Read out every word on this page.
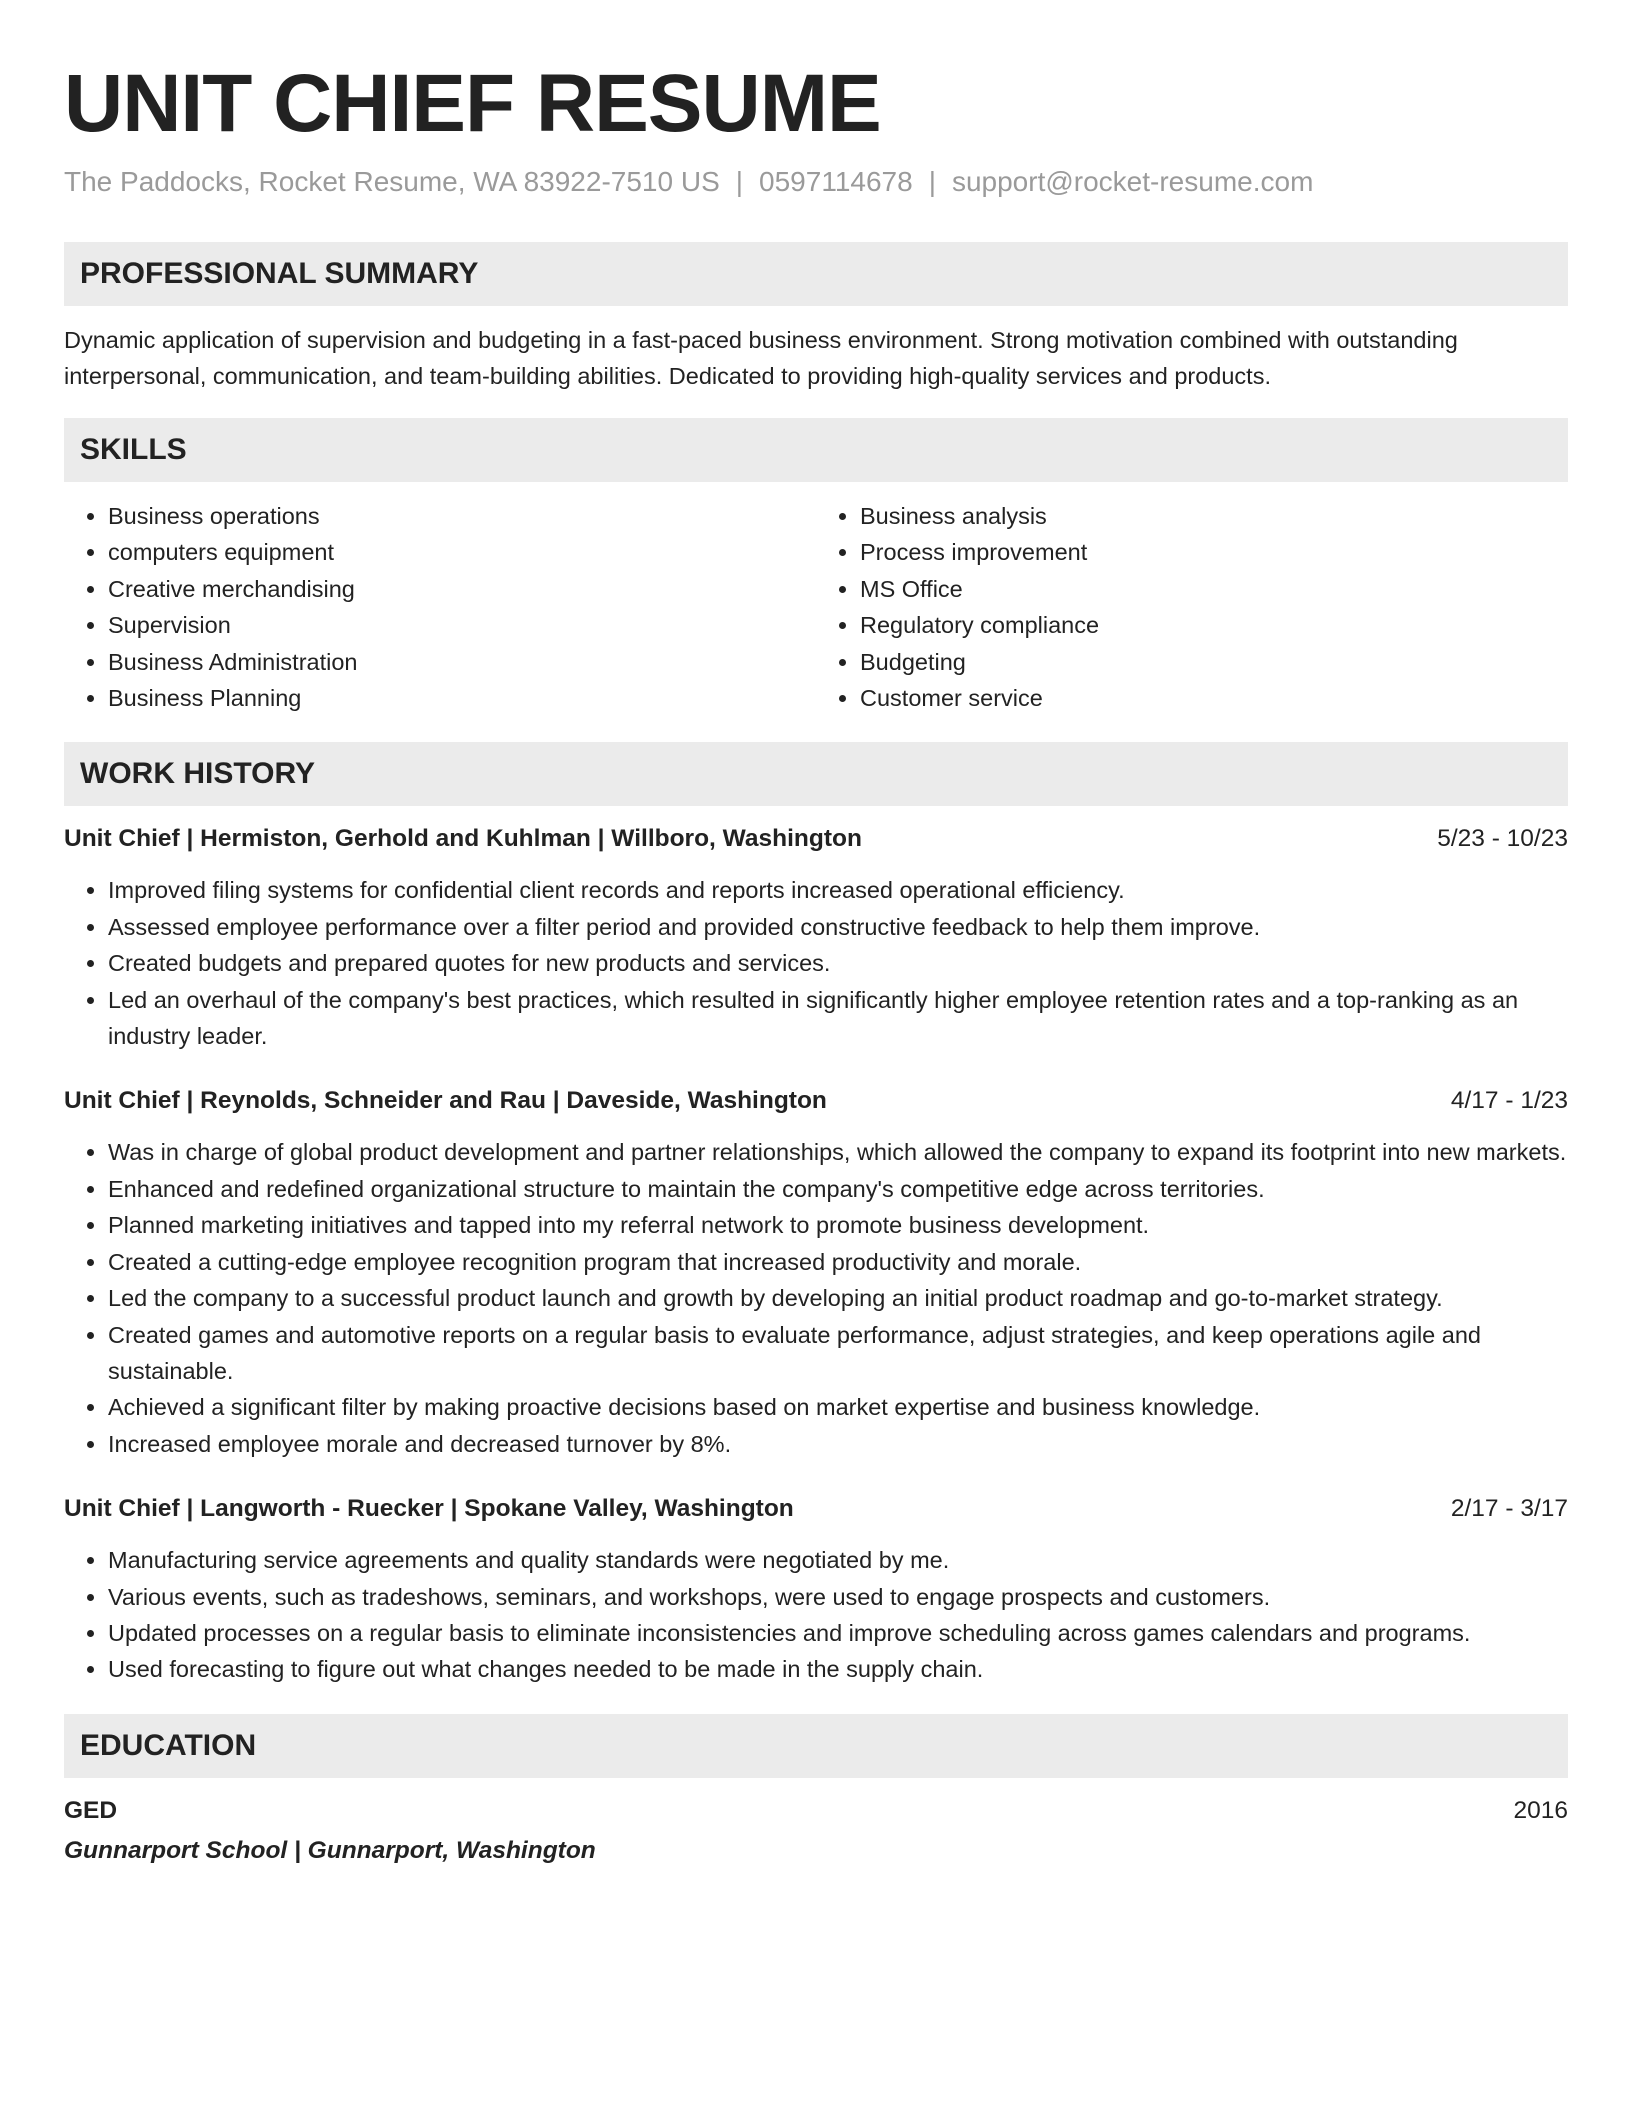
UNIT CHIEF RESUME
The Paddocks, Rocket Resume, WA 83922-7510 US | 0597114678 | support@rocket-resume.com
PROFESSIONAL SUMMARY

Dynamic application of supervision and budgeting in a fast-paced business environment. Strong motivation combined with outstanding interpersonal, communication, and team-building abilities. Dedicated to providing high-quality services and products.

SKILLS
• Business operations
• computers equipment
• Creative merchandising
• Supervision
• Business Administration
• Business Planning
• Business analysis
• Process improvement
• MS Office
• Regulatory compliance
• Budgeting
• Customer service
WORK HISTORY
Unit Chief | Hermiston, Gerhold and Kuhlman | Willboro, Washington	5/23 - 10/23
• Improved filing systems for confidential client records and reports increased operational efficiency.
• Assessed employee performance over a filter period and provided constructive feedback to help them improve.
• Created budgets and prepared quotes for new products and services.
• Led an overhaul of the company's best practices, which resulted in significantly higher employee retention rates and a top-ranking as an industry leader.
Unit Chief | Reynolds, Schneider and Rau | Daveside, Washington	4/17 - 1/23
• Was in charge of global product development and partner relationships, which allowed the company to expand its footprint into new markets.
• Enhanced and redefined organizational structure to maintain the company's competitive edge across territories.
• Planned marketing initiatives and tapped into my referral network to promote business development.
• Created a cutting-edge employee recognition program that increased productivity and morale.
• Led the company to a successful product launch and growth by developing an initial product roadmap and go-to-market strategy.
• Created games and automotive reports on a regular basis to evaluate performance, adjust strategies, and keep operations agile and sustainable.
• Achieved a significant filter by making proactive decisions based on market expertise and business knowledge.
• Increased employee morale and decreased turnover by 8%.
Unit Chief | Langworth - Ruecker | Spokane Valley, Washington	2/17 - 3/17
• Manufacturing service agreements and quality standards were negotiated by me.
• Various events, such as tradeshows, seminars, and workshops, were used to engage prospects and customers.
• Updated processes on a regular basis to eliminate inconsistencies and improve scheduling across games calendars and programs.
• Used forecasting to figure out what changes needed to be made in the supply chain.
EDUCATION
GED	2016
Gunnarport School | Gunnarport, Washington
